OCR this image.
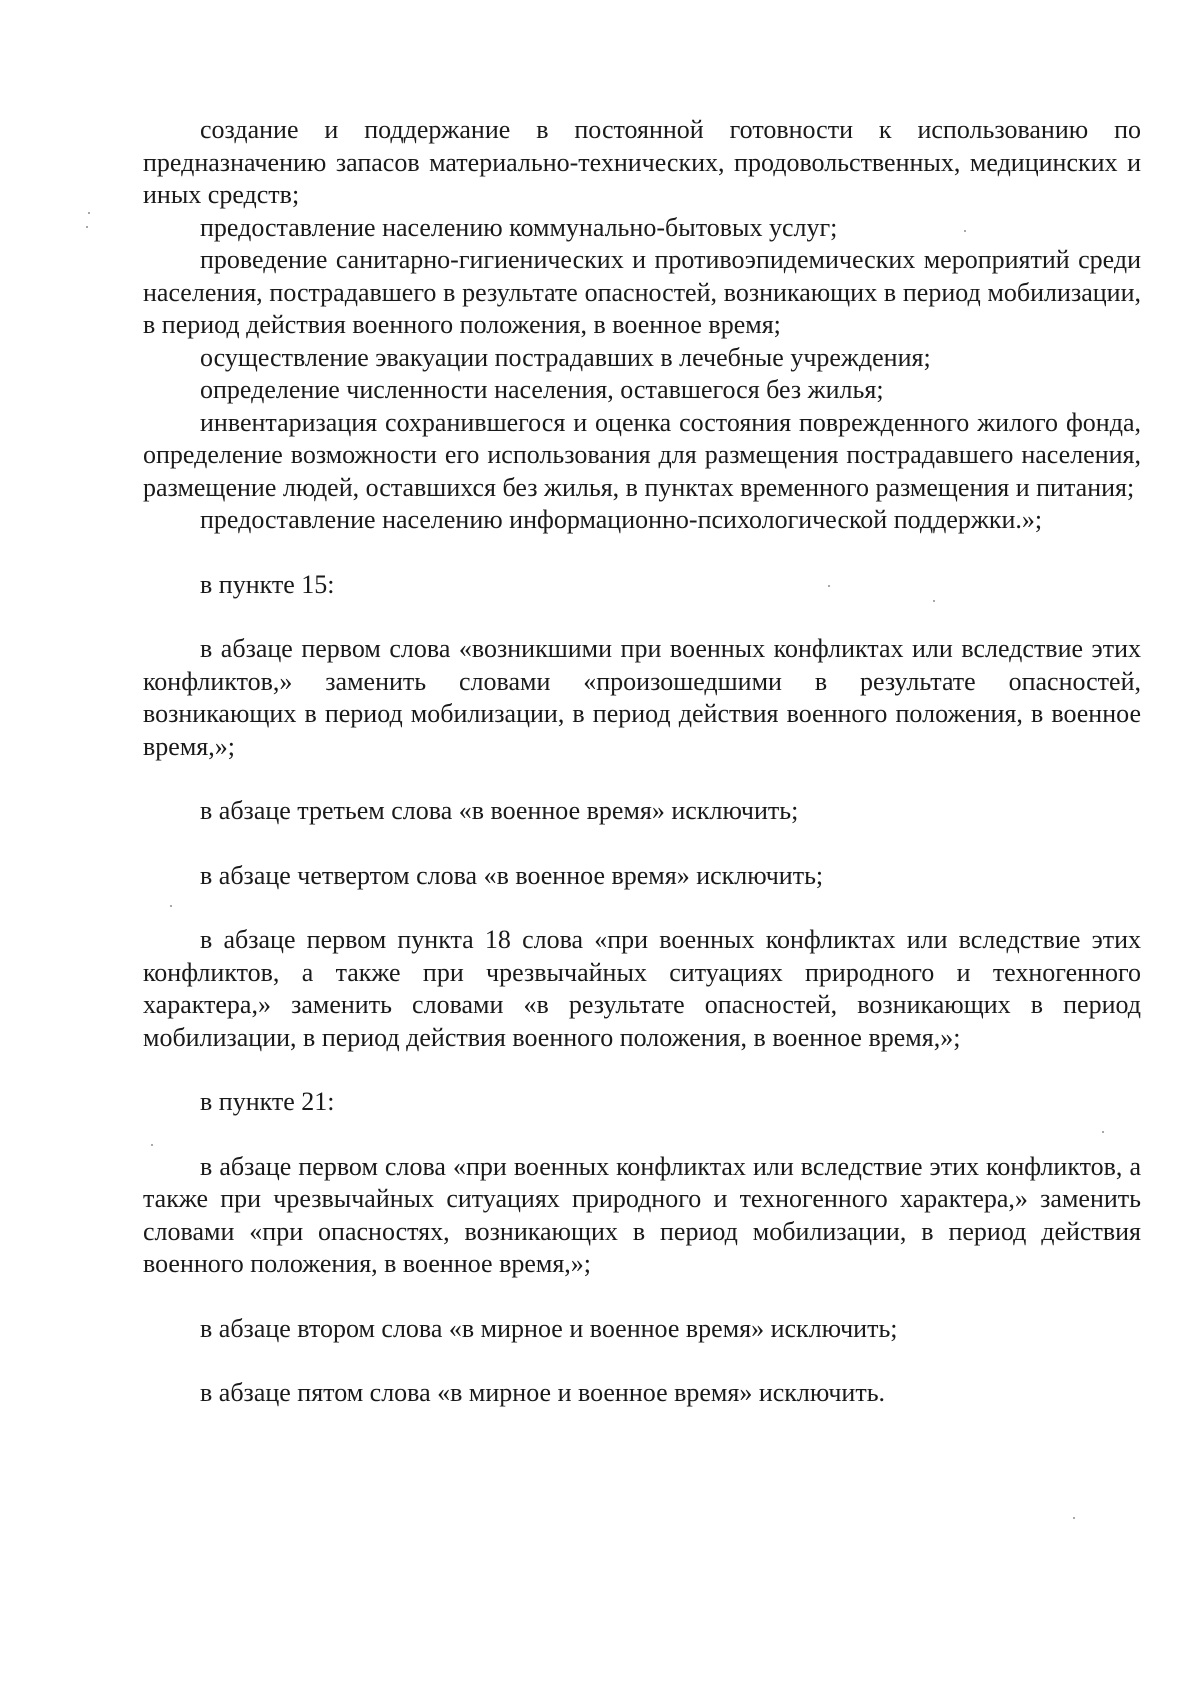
создание и поддержание в постоянной готовности к использованию по предназначению запасов материально-технических, продовольственных, медицинских и иных средств;

предоставление населению коммунально-бытовых услуг;

проведение санитарно-гигиенических и противоэпидемических мероприятий среди населения, пострадавшего в результате опасностей, возникающих в период мобилизации, в период действия военного положения, в военное время;

осуществление эвакуации пострадавших в лечебные учреждения;

определение численности населения, оставшегося без жилья;

инвентаризация сохранившегося и оценка состояния поврежденного жилого фонда, определение возможности его использования для размещения пострадавшего населения, размещение людей, оставшихся без жилья, в пунктах временного размещения и питания;

предоставление населению информационно-психологической поддержки.»;

в пункте 15:

в абзаце первом слова «возникшими при военных конфликтах или вследствие этих конфликтов,» заменить словами «произошедшими в результате опасностей, возникающих в период мобилизации, в период действия военного положения, в военное время,»;

в абзаце третьем слова «в военное время» исключить;

в абзаце четвертом слова «в военное время» исключить;

в абзаце первом пункта 18 слова «при военных конфликтах или вследствие этих конфликтов, а также при чрезвычайных ситуациях природного и техногенного характера,» заменить словами «в результате опасностей, возникающих в период мобилизации, в период действия военного положения, в военное время,»;

в пункте 21:

в абзаце первом слова «при военных конфликтах или вследствие этих конфликтов, а также при чрезвычайных ситуациях природного и техногенного характера,» заменить словами «при опасностях, возникающих в период мобилизации, в период действия военного положения, в военное время,»;

в абзаце втором слова «в мирное и военное время» исключить;

в абзаце пятом слова «в мирное и военное время» исключить.
